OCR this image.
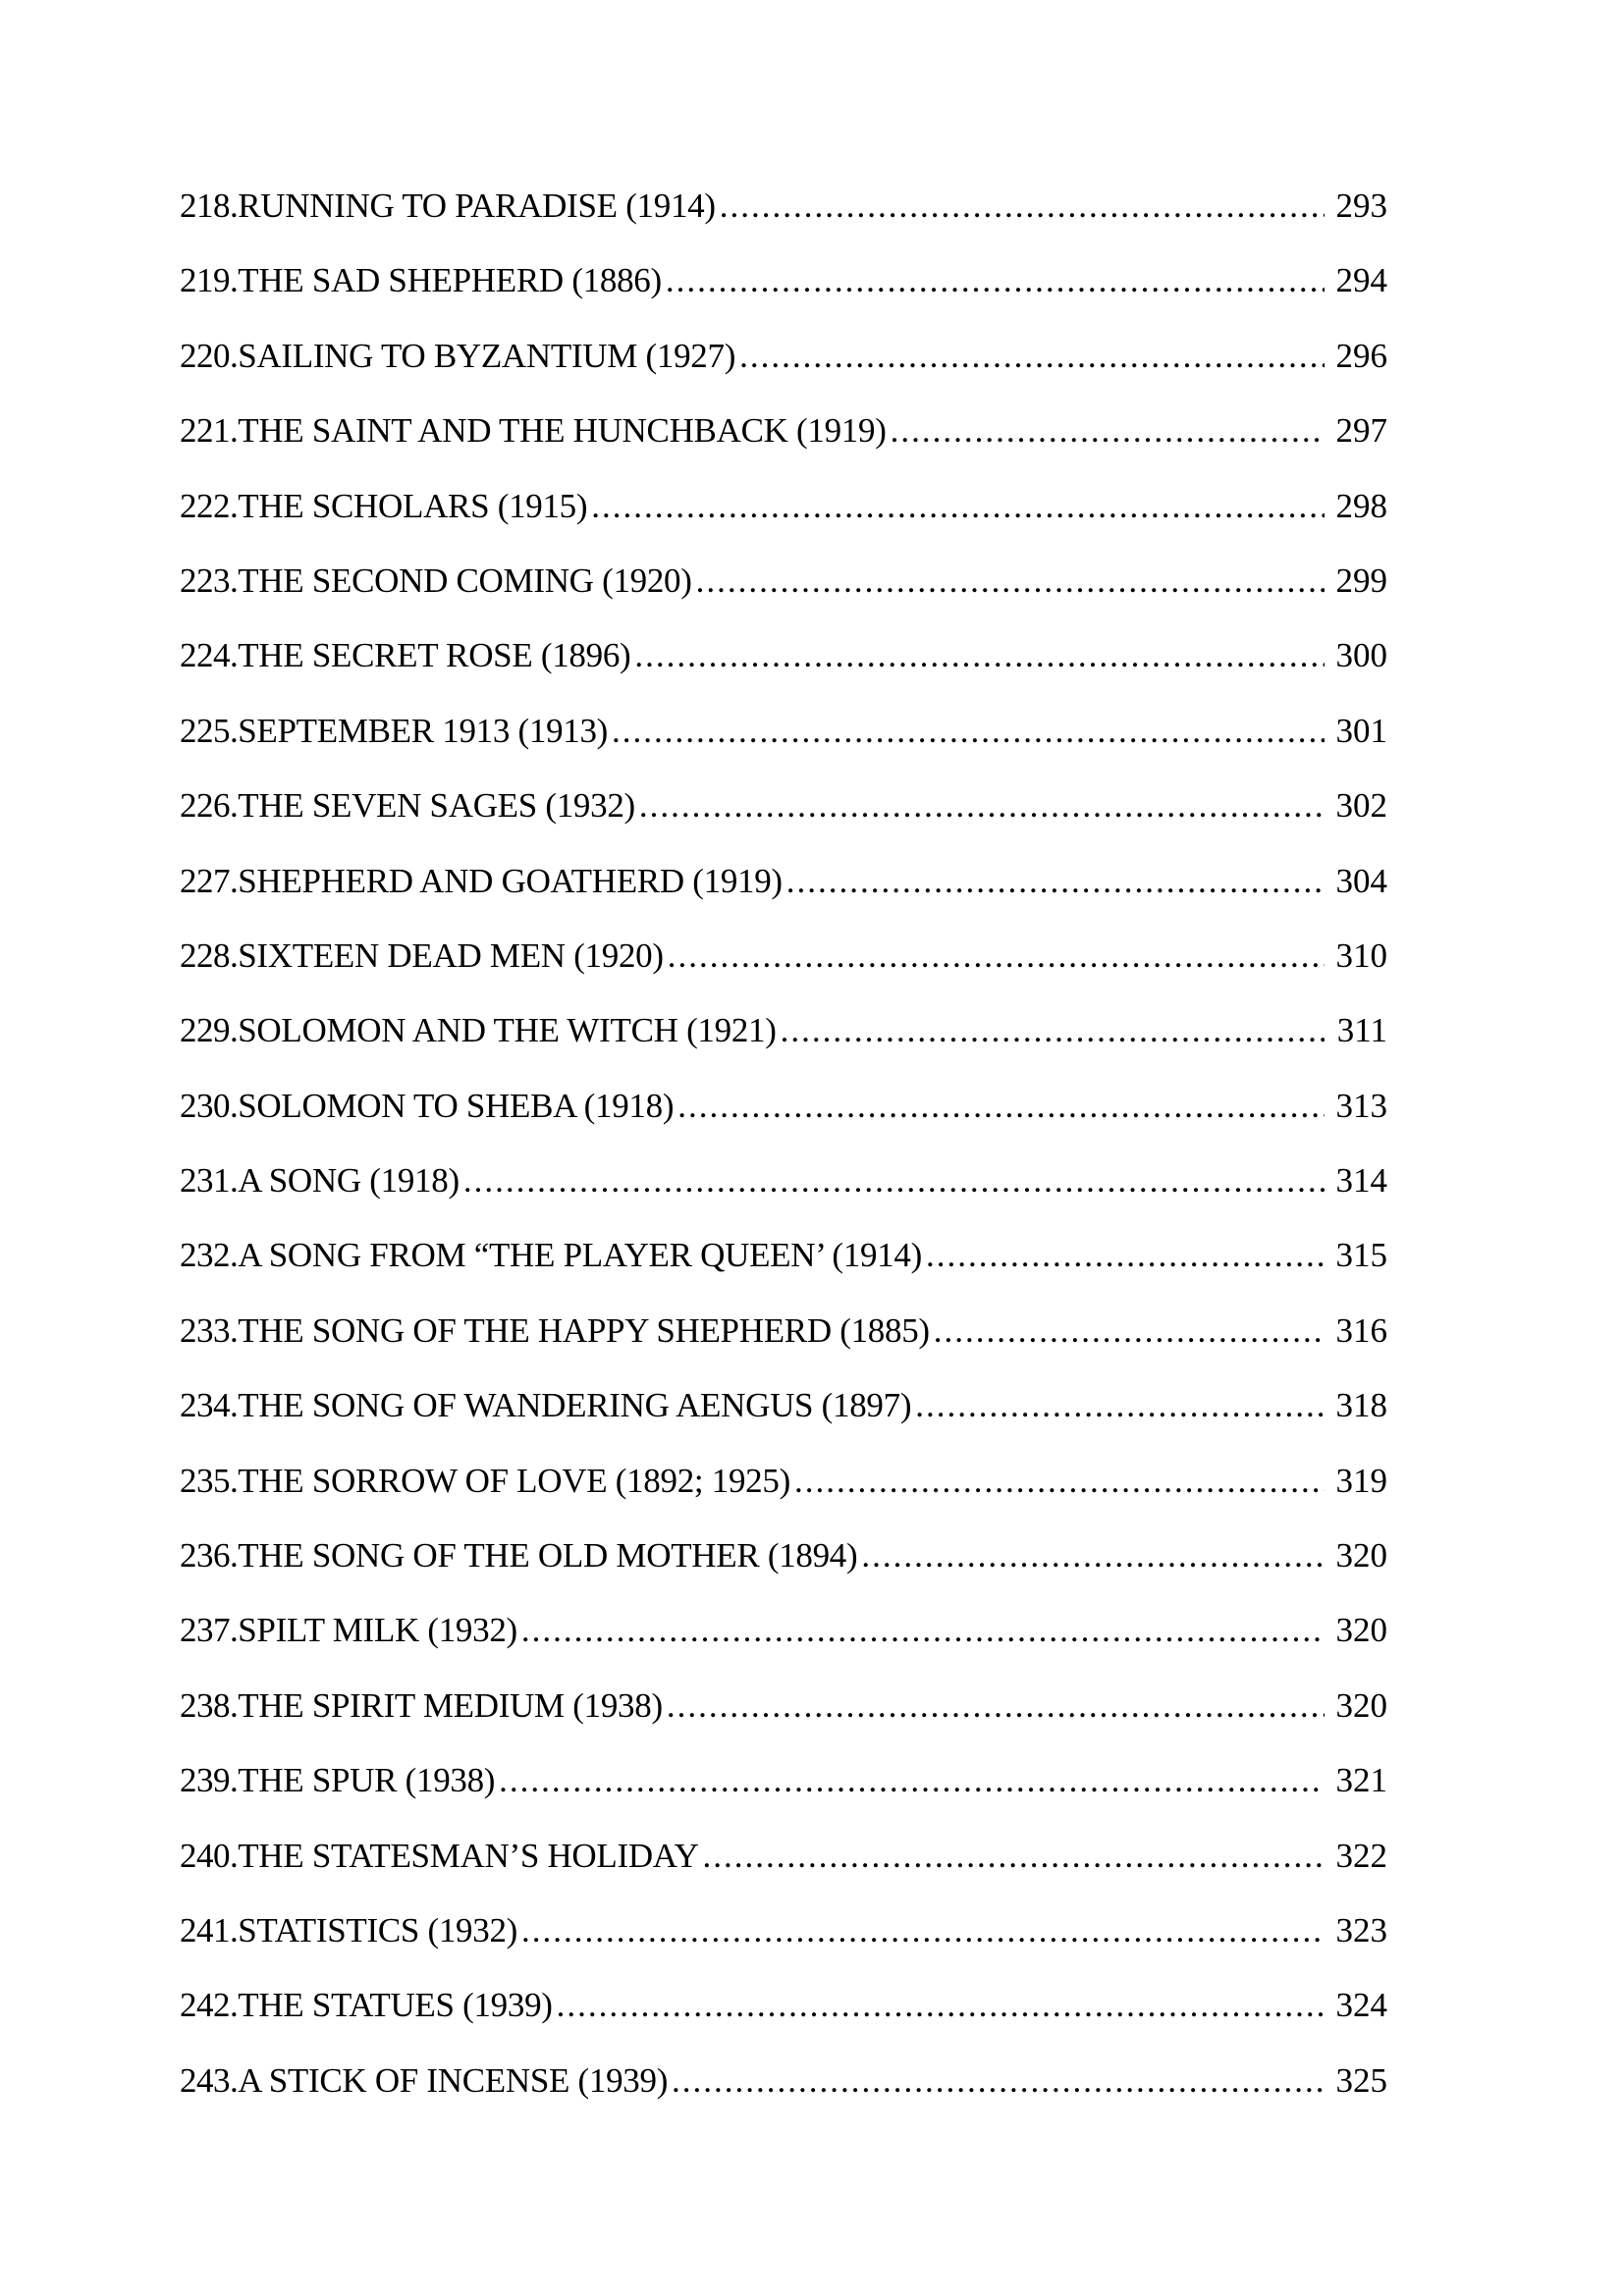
218. RUNNING TO PARADISE (1914) .....	293
219. THE SAD SHEPHERD (1886) .....	294
220. SAILING TO BYZANTIUM (1927) .....	296
221. THE SAINT AND THE HUNCHBACK (1919) .....	297
222. THE SCHOLARS (1915) .....	298
223. THE SECOND COMING (1920) .....	299
224. THE SECRET ROSE (1896) .....	300
225. SEPTEMBER 1913 (1913) .....	301
226. THE SEVEN SAGES (1932) .....	302
227. SHEPHERD AND GOATHERD (1919) .....	304
228. SIXTEEN DEAD MEN (1920) .....	310
229. SOLOMON AND THE WITCH (1921) .....	311
230. SOLOMON TO SHEBA (1918) .....	313
231. A SONG (1918) .....	314
232. A SONG FROM “THE PLAYER QUEEN’ (1914) .....	315
233. THE SONG OF THE HAPPY SHEPHERD (1885) .....	316
234. THE SONG OF WANDERING AENGUS (1897) .....	318
235. THE SORROW OF LOVE (1892; 1925) .....	319
236. THE SONG OF THE OLD MOTHER (1894) .....	320
237. SPILT MILK (1932) .....	320
238. THE SPIRIT MEDIUM (1938) .....	320
239. THE SPUR (1938) .....	321
240. THE STATESMAN’S HOLIDAY .....	322
241. STATISTICS (1932) .....	323
242. THE STATUES (1939) .....	324
243. A STICK OF INCENSE (1939) .....	325
